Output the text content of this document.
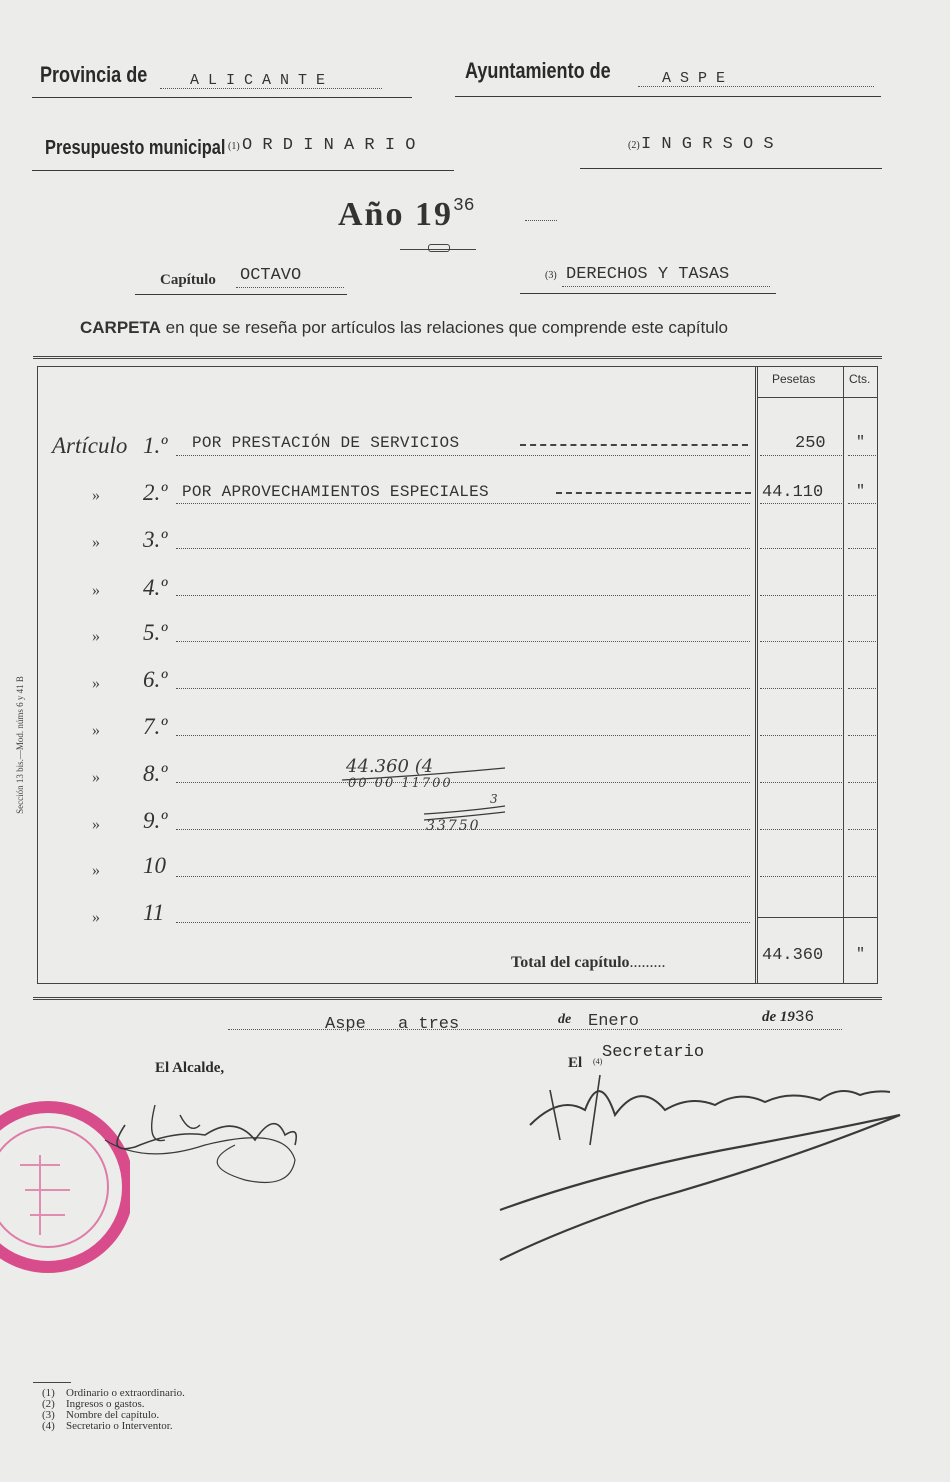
Provincia de	A L I C A N T E	Ayuntamiento de	A S P E
Presupuesto municipal (1) O R D I N A R I O	(2) I N G R S O S
Año $19^{36}$
Capítulo OCTAVO	(3) DERECHOS Y TASAS
CARPETA en que se reseña por artículos las relaciones que comprende este capítulo
Pesetas	Cts.
Artículo 1.º POR PRESTACIÓN DE SERVICIOS	250 "
» 2.º POR APROVECHAMIENTOS ESPECIALES	44.110 "
» 3.º
» 4.º
» 5.º
» 6.º
» 7.º
» 8.º
» 9.º
» 10
» 11
44.360 (4
00 00 11700
3
33750
Total del capítulo.........	44.360 "
Sección 13 bis.—Mod. núms 6 y 41 B
Aspe a tres	de Enero	de 1936
El Alcalde,	El (4) Secretario
(1) Ordinario o extraordinario.
(2) Ingresos o gastos.
(3) Nombre del capítulo.
(4) Secretario o Interventor.
